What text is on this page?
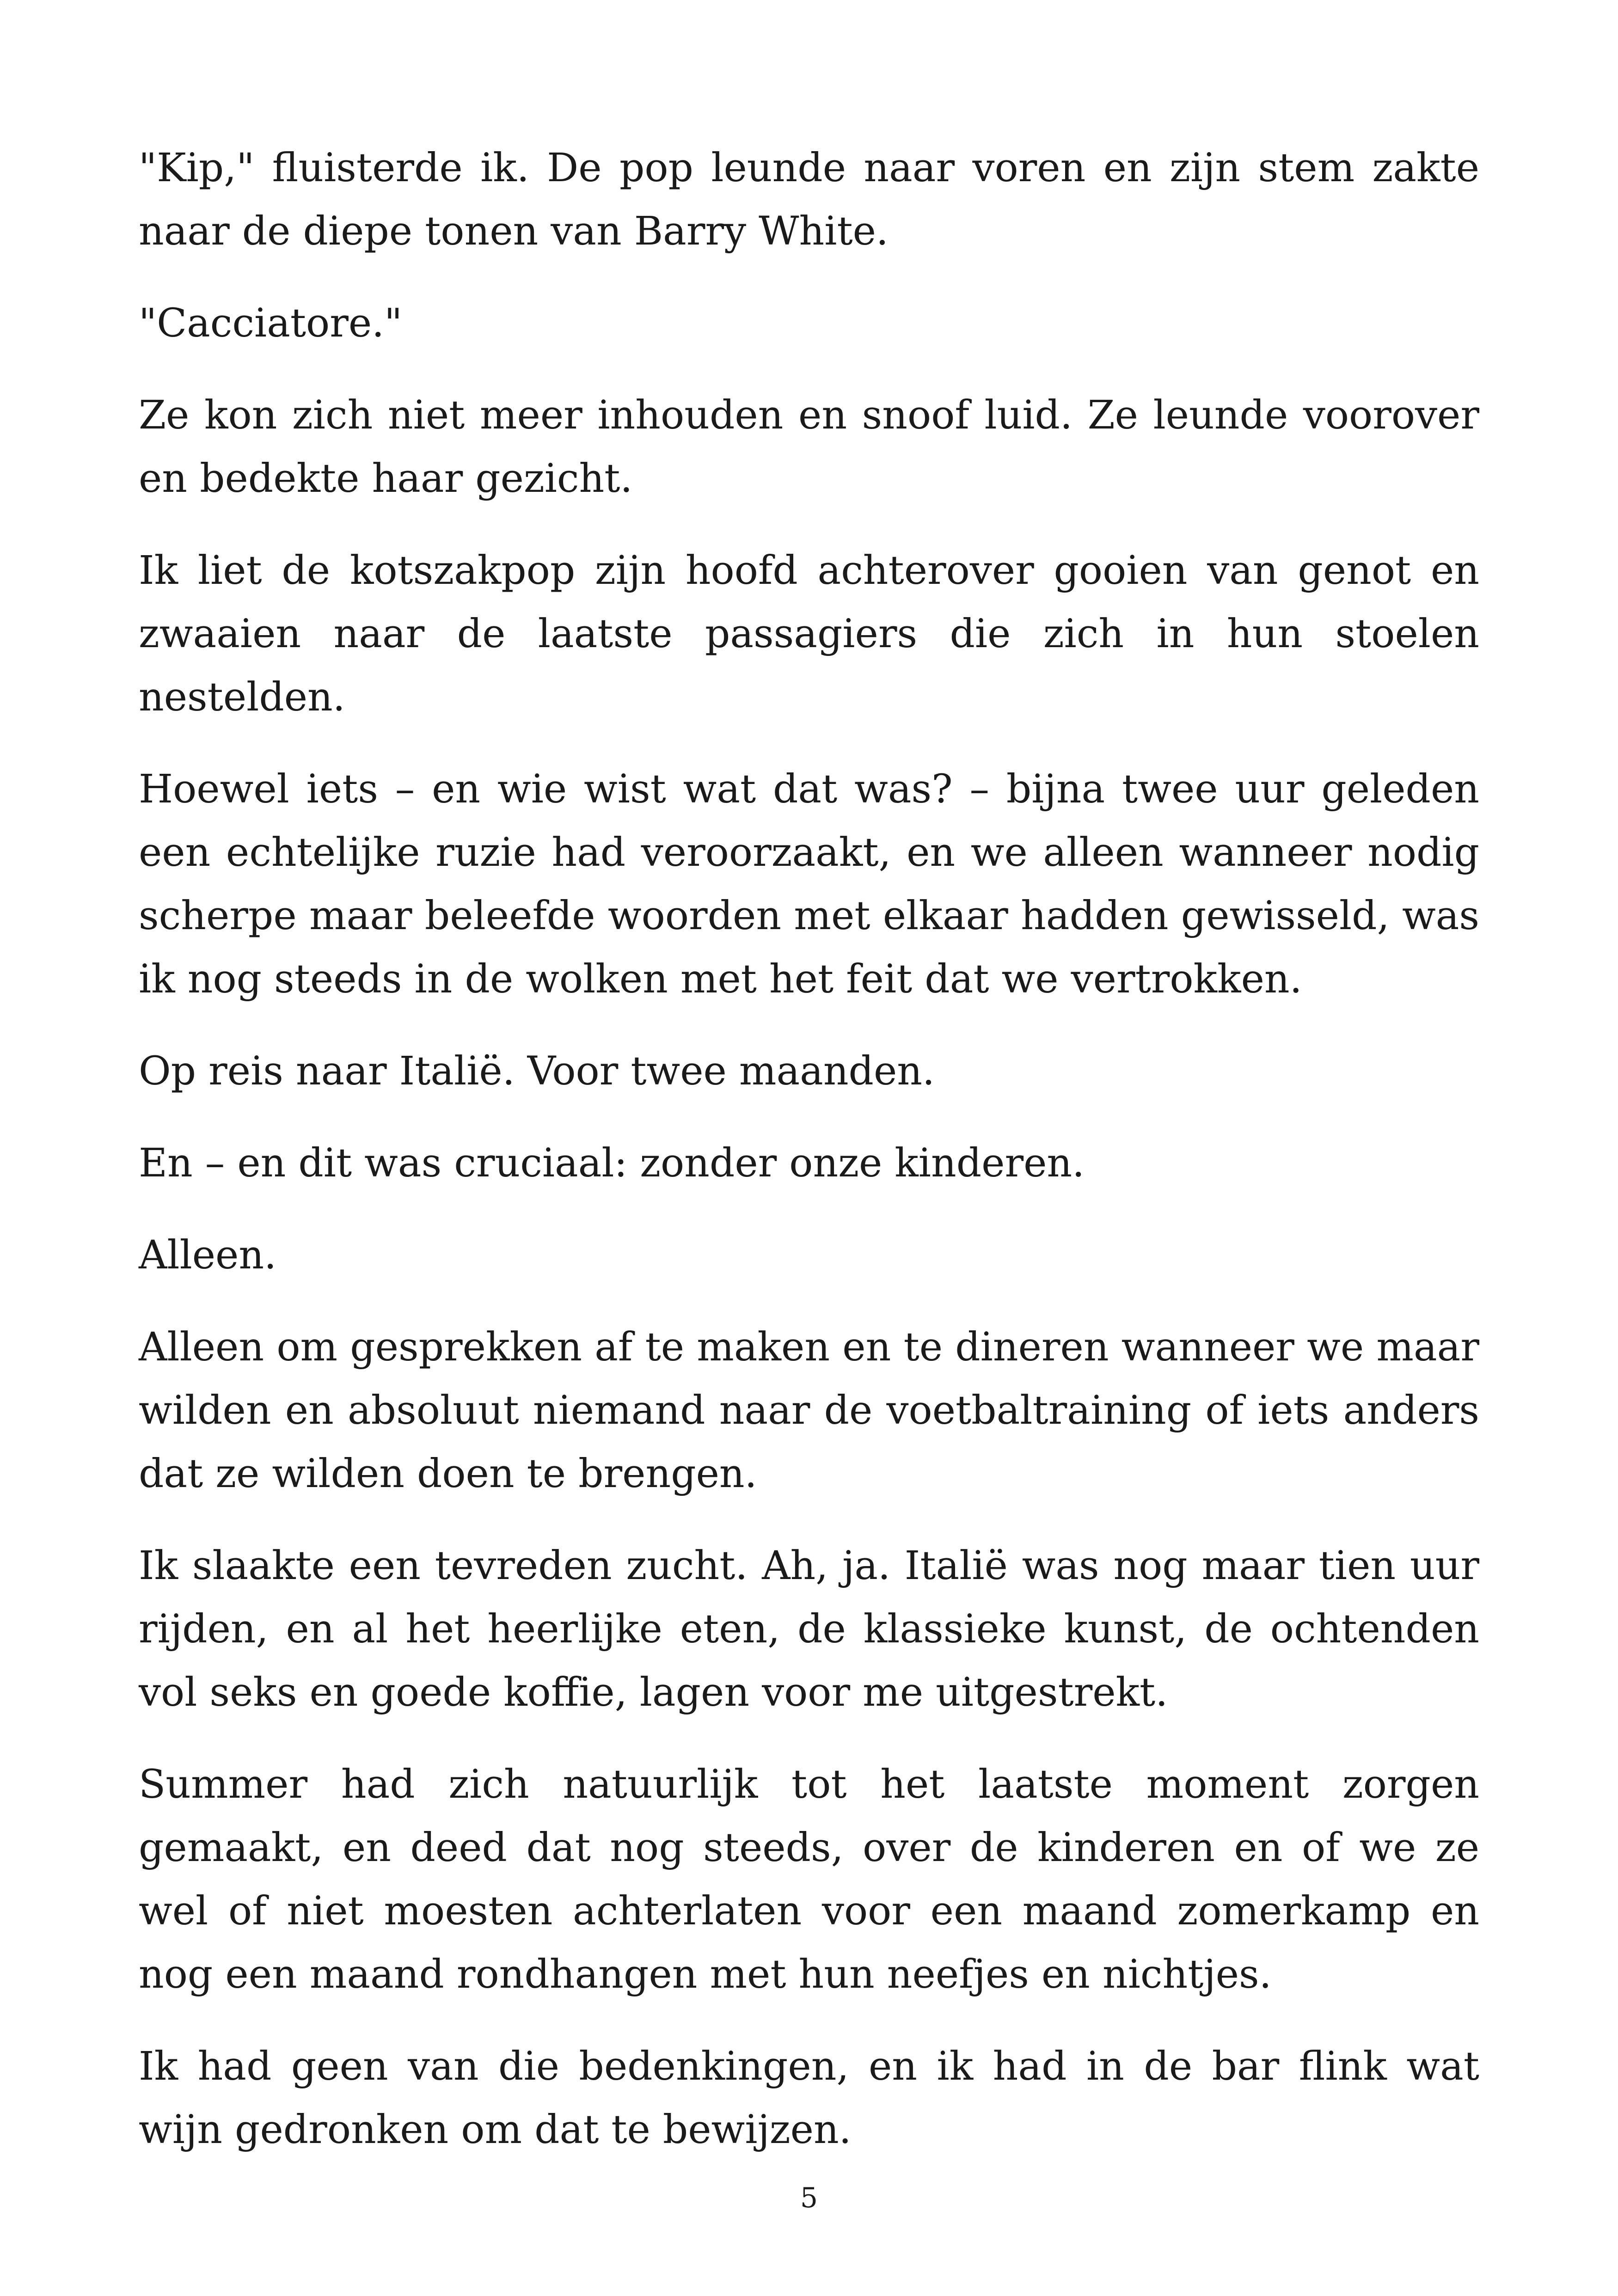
"Kip," fluisterde ik. De pop leunde naar voren en zijn stem zakte naar de diepe tonen van Barry White.

"Cacciatore."

Ze kon zich niet meer inhouden en snoof luid. Ze leunde voorover en bedekte haar gezicht.

Ik liet de kotszakpop zijn hoofd achterover gooien van genot en zwaaien naar de laatste passagiers die zich in hun stoelen nestelden.

Hoewel iets – en wie wist wat dat was? – bijna twee uur geleden een echtelijke ruzie had veroorzaakt, en we alleen wanneer nodig scherpe maar beleefde woorden met elkaar hadden gewisseld, was ik nog steeds in de wolken met het feit dat we vertrokken.

Op reis naar Italië. Voor twee maanden.

En – en dit was cruciaal: zonder onze kinderen.

Alleen.

Alleen om gesprekken af te maken en te dineren wanneer we maar wilden en absoluut niemand naar de voetbaltraining of iets anders dat ze wilden doen te brengen.

Ik slaakte een tevreden zucht. Ah, ja. Italië was nog maar tien uur rijden, en al het heerlijke eten, de klassieke kunst, de ochtenden vol seks en goede koffie, lagen voor me uitgestrekt.

Summer had zich natuurlijk tot het laatste moment zorgen gemaakt, en deed dat nog steeds, over de kinderen en of we ze wel of niet moesten achterlaten voor een maand zomerkamp en nog een maand rondhangen met hun neefjes en nichtjes.

Ik had geen van die bedenkingen, en ik had in de bar flink wat wijn gedronken om dat te bewijzen.

5
